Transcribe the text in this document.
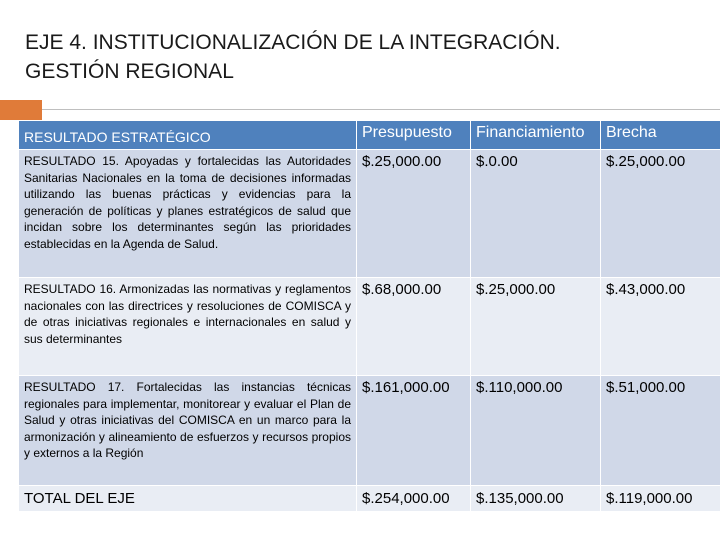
EJE 4. INSTITUCIONALIZACIÓN DE LA INTEGRACIÓN.
GESTIÓN REGIONAL
RESULTADO ESTRATÉGICO	Presupuesto	Financiamiento	Brecha
RESULTADO 15. Apoyadas y fortalecidas las Autoridades Sanitarias Nacionales en la toma de decisiones informadas utilizando las buenas prácticas y evidencias para la generación de políticas y planes estratégicos de salud que incidan sobre los determinantes según las prioridades establecidas en la Agenda de Salud.	$.25,000.00	$.0.00	$.25,000.00
RESULTADO 16. Armonizadas las normativas y reglamentos nacionales con las directrices y resoluciones de COMISCA y de otras iniciativas regionales e internacionales en salud y sus determinantes	$.68,000.00	$.25,000.00	$.43,000.00
RESULTADO 17. Fortalecidas las instancias técnicas regionales para implementar, monitorear y evaluar el Plan de Salud y otras iniciativas del COMISCA en un marco para la armonización y alineamiento de esfuerzos y recursos propios y externos a la Región	$.161,000.00	$.110,000.00	$.51,000.00
TOTAL DEL EJE	$.254,000.00	$.135,000.00	$.119,000.00
